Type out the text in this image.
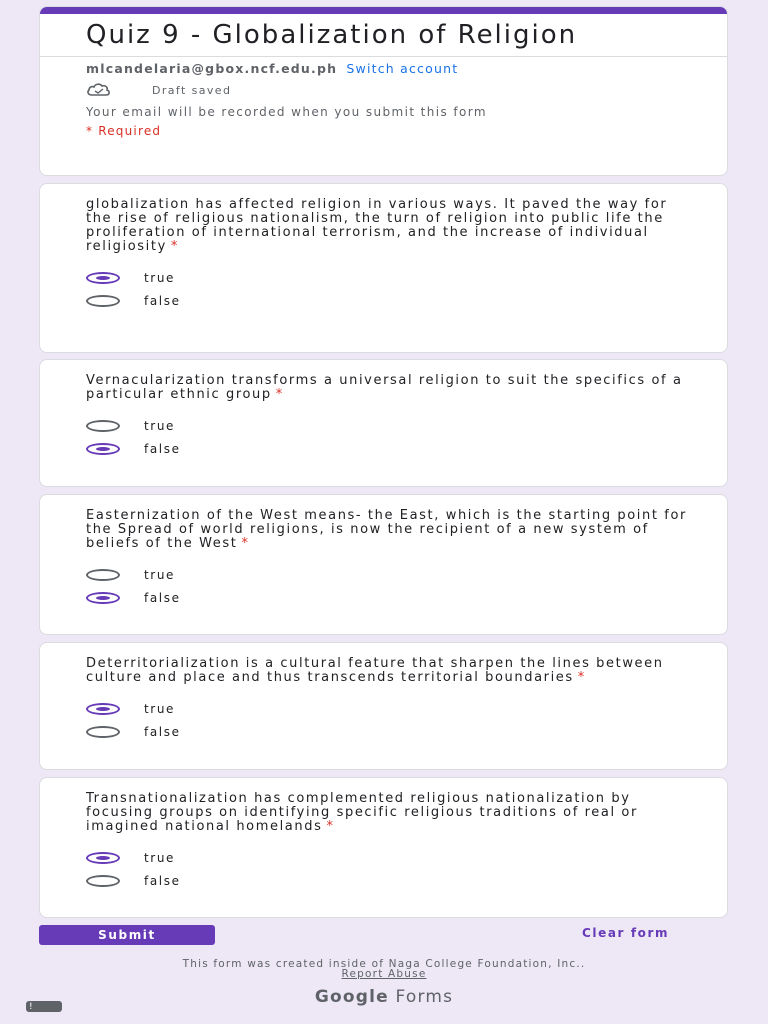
Quiz 9 - Globalization of Religion
mlcandelaria@gbox.ncf.edu.ph Switch account
Draft saved
Your email will be recorded when you submit this form
* Required
globalization has affected religion in various ways. It paved the way for the rise of religious nationalism, the turn of religion into public life the proliferation of international terrorism, and the increase of individual religiosity *
true
false
Vernacularization transforms a universal religion to suit the specifics of a particular ethnic group *
true
false
Easternization of the West means- the East, which is the starting point for the Spread of world religions, is now the recipient of a new system of beliefs of the West *
true
false
Deterritorialization is a cultural feature that sharpen the lines between culture and place and thus transcends territorial boundaries *
true
false
Transnationalization has complemented religious nationalization by focusing groups on identifying specific religious traditions of real or imagined national homelands *
true
false
Submit	Clear form
This form was created inside of Naga College Foundation, Inc..
Report Abuse
Google Forms
!
